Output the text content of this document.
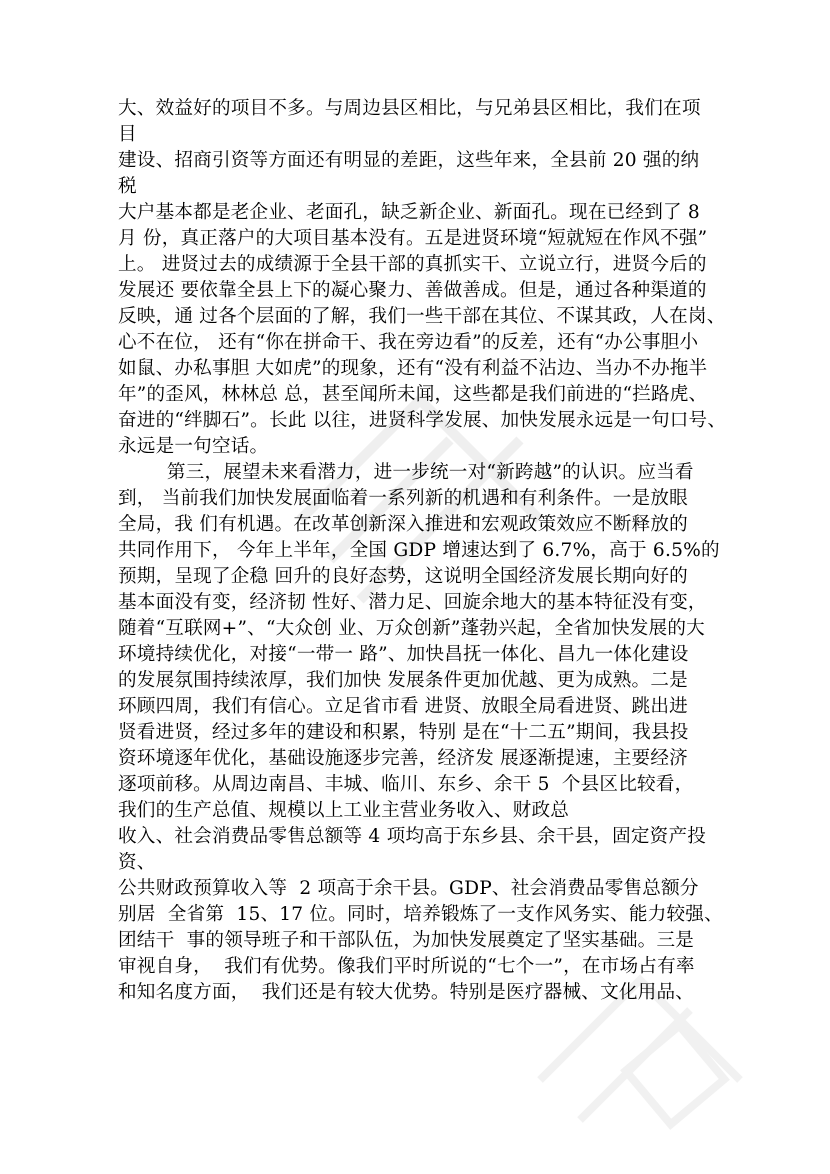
大、效益好的项目不多。与周边县区相比，与兄弟县区相比，我们在项
目
建设、招商引资等方面还有明显的差距，这些年来，全县前 20 强的纳
税
大户基本都是老企业、老面孔，缺乏新企业、新面孔。现在已经到了 8
月 份，真正落户的大项目基本没有。五是进贤环境“短就短在作风不强”
上。 进贤过去的成绩源于全县干部的真抓实干、立说立行，进贤今后的
发展还 要依靠全县上下的凝心聚力、善做善成。但是，通过各种渠道的
反映，通 过各个层面的了解，我们一些干部在其位、不谋其政，人在岗、
心不在位， 还有“你在拼命干、我在旁边看”的反差，还有“办公事胆小
如鼠、办私事胆 大如虎”的现象，还有“没有利益不沾边、当办不办拖半
年”的歪风，林林总 总，甚至闻所未闻，这些都是我们前进的“拦路虎、
奋进的“绊脚石”。长此 以往，进贤科学发展、加快发展永远是一句口号、
永远是一句空话。
第三，展望未来看潜力，进一步统一对“新跨越”的认识。应当看
到， 当前我们加快发展面临着一系列新的机遇和有利条件。一是放眼
全局，我 们有机遇。在改革创新深入推进和宏观政策效应不断释放的
共同作用下， 今年上半年，全国 GDP 增速达到了 6.7%，高于 6.5%的
预期，呈现了企稳 回升的良好态势，这说明全国经济发展长期向好的
基本面没有变，经济韧 性好、潜力足、回旋余地大的基本特征没有变，
随着“互联网+”、“大众创 业、万众创新”蓬勃兴起，全省加快发展的大
环境持续优化，对接“一带一 路”、加快昌抚一体化、昌九一体化建设
的发展氛围持续浓厚，我们加快 发展条件更加优越、更为成熟。二是
环顾四周，我们有信心。立足省市看 进贤、放眼全局看进贤、跳出进
贤看进贤，经过多年的建设和积累，特别 是在“十二五”期间，我县投
资环境逐年优化，基础设施逐步完善，经济发 展逐渐提速，主要经济
逐项前移。从周边南昌、丰城、临川、东乡、余干 5  个县区比较看，
我们的生产总值、规模以上工业主营业务收入、财政总
收入、社会消费品零售总额等 4 项均高于东乡县、余干县，固定资产投
资、
公共财政预算收入等  2 项高于余干县。GDP、社会消费品零售总额分
别居  全省第  15、17 位。同时，培养锻炼了一支作风务实、能力较强、
团结干  事的领导班子和干部队伍，为加快发展奠定了坚实基础。三是
审视自身，  我们有优势。像我们平时所说的“七个一”，在市场占有率
和知名度方面，  我们还是有较大优势。特别是医疗器械、文化用品、
